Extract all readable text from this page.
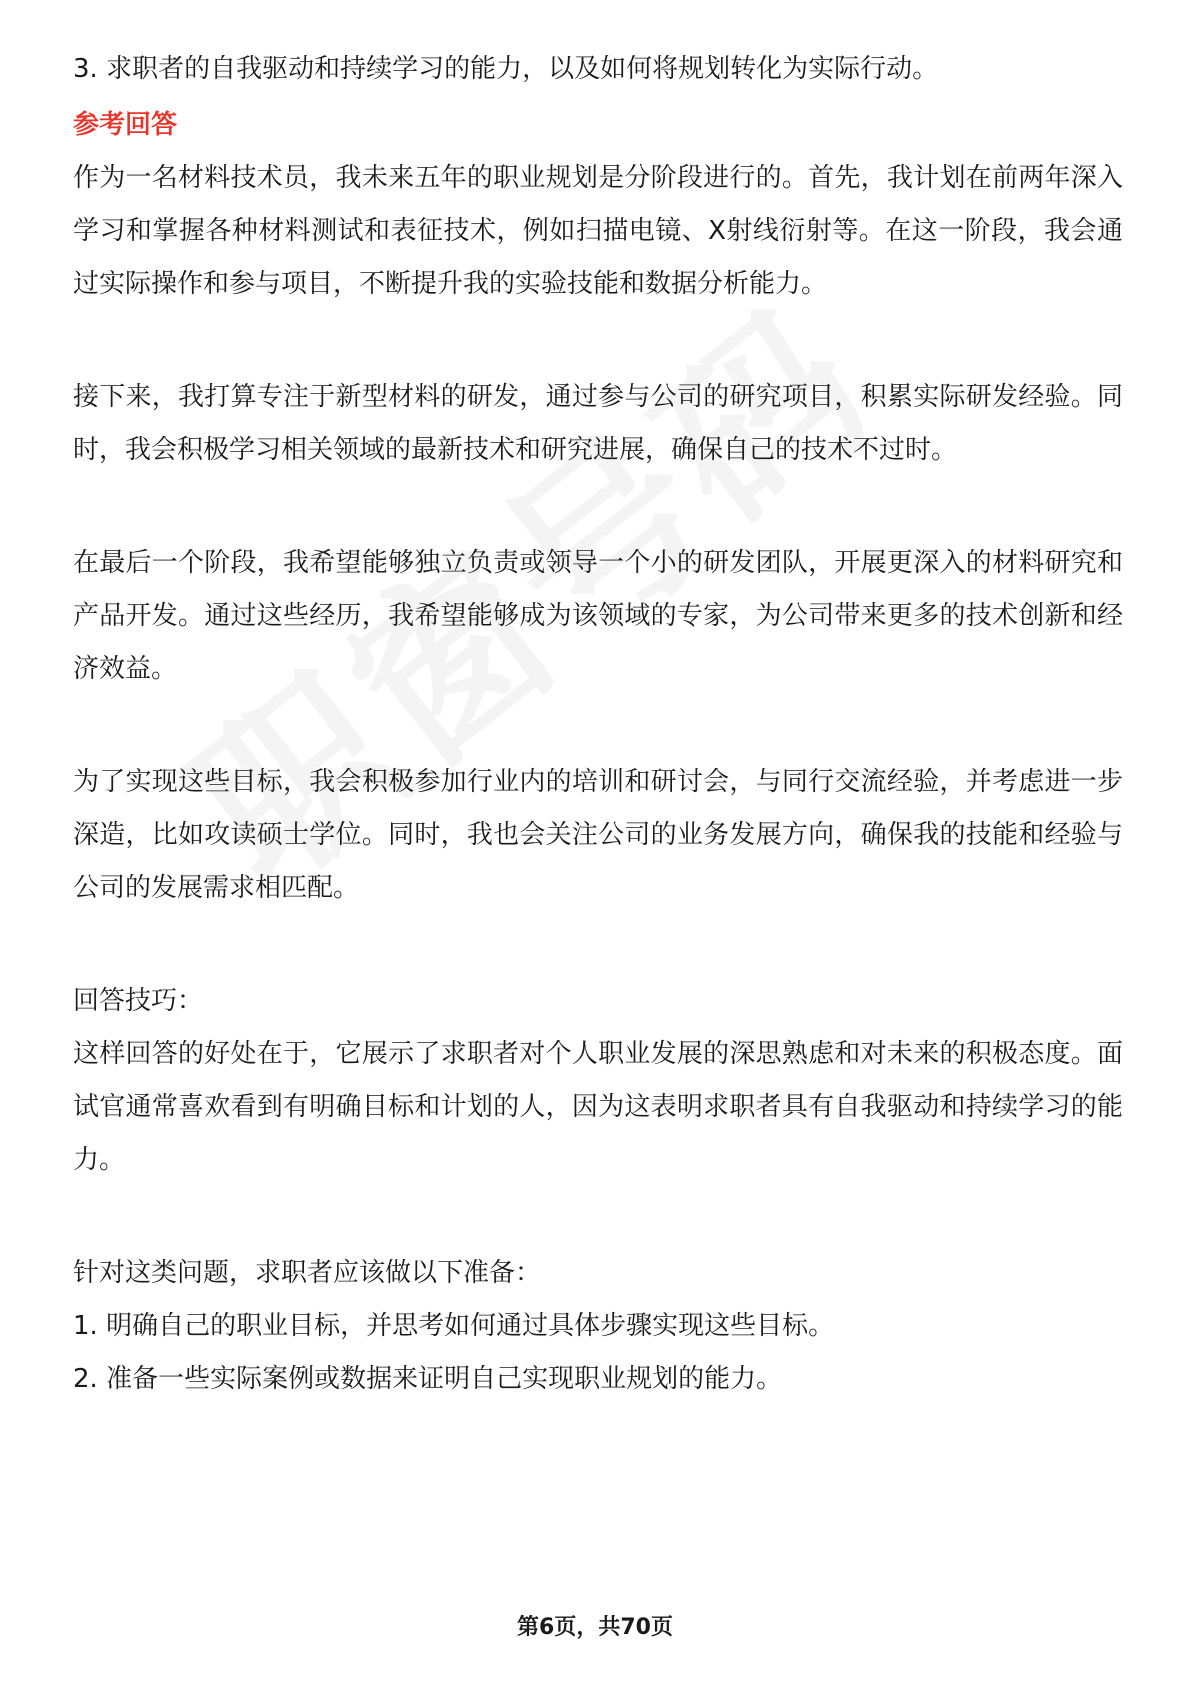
3. 求职者的自我驱动和持续学习的能力，以及如何将规划转化为实际行动。

参考回答

作为一名材料技术员，我未来五年的职业规划是分阶段进行的。首先，我计划在前两年深入学习和掌握各种材料测试和表征技术，例如扫描电镜、X射线衍射等。在这一阶段，我会通过实际操作和参与项目，不断提升我的实验技能和数据分析能力。

接下来，我打算专注于新型材料的研发，通过参与公司的研究项目，积累实际研发经验。同时，我会积极学习相关领域的最新技术和研究进展，确保自己的技术不过时。

在最后一个阶段，我希望能够独立负责或领导一个小的研发团队，开展更深入的材料研究和产品开发。通过这些经历，我希望能够成为该领域的专家，为公司带来更多的技术创新和经济效益。

为了实现这些目标，我会积极参加行业内的培训和研讨会，与同行交流经验，并考虑进一步深造，比如攻读硕士学位。同时，我也会关注公司的业务发展方向，确保我的技能和经验与公司的发展需求相匹配。

回答技巧：

这样回答的好处在于，它展示了求职者对个人职业发展的深思熟虑和对未来的积极态度。面试官通常喜欢看到有明确目标和计划的人，因为这表明求职者具有自我驱动和持续学习的能力。

针对这类问题，求职者应该做以下准备：

1. 明确自己的职业目标，并思考如何通过具体步骤实现这些目标。

2. 准备一些实际案例或数据来证明自己实现职业规划的能力。

第6页，共70页
